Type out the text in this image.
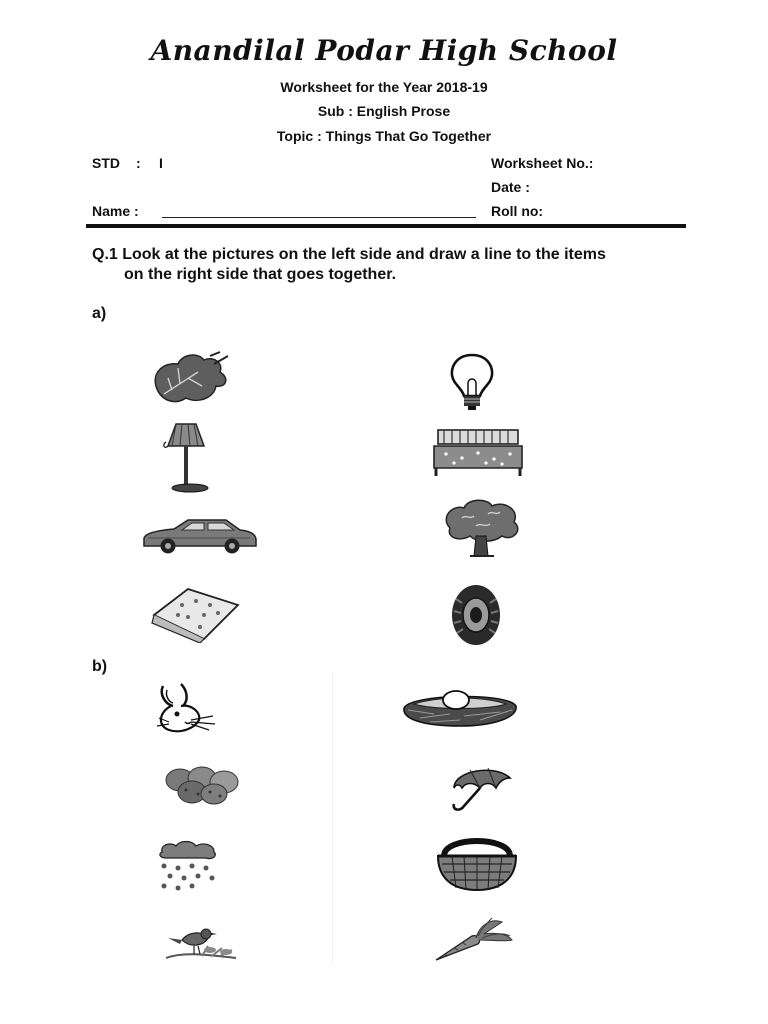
Anandilal Podar High School
Worksheet for the Year 2018-19
Sub : English Prose
Topic : Things That Go Together
STD : I	Worksheet No.:
Date :
Name :	Roll no:
Q.1 Look at the pictures on the left side and draw a line to the items
on the right side that goes together.
a)
b)
